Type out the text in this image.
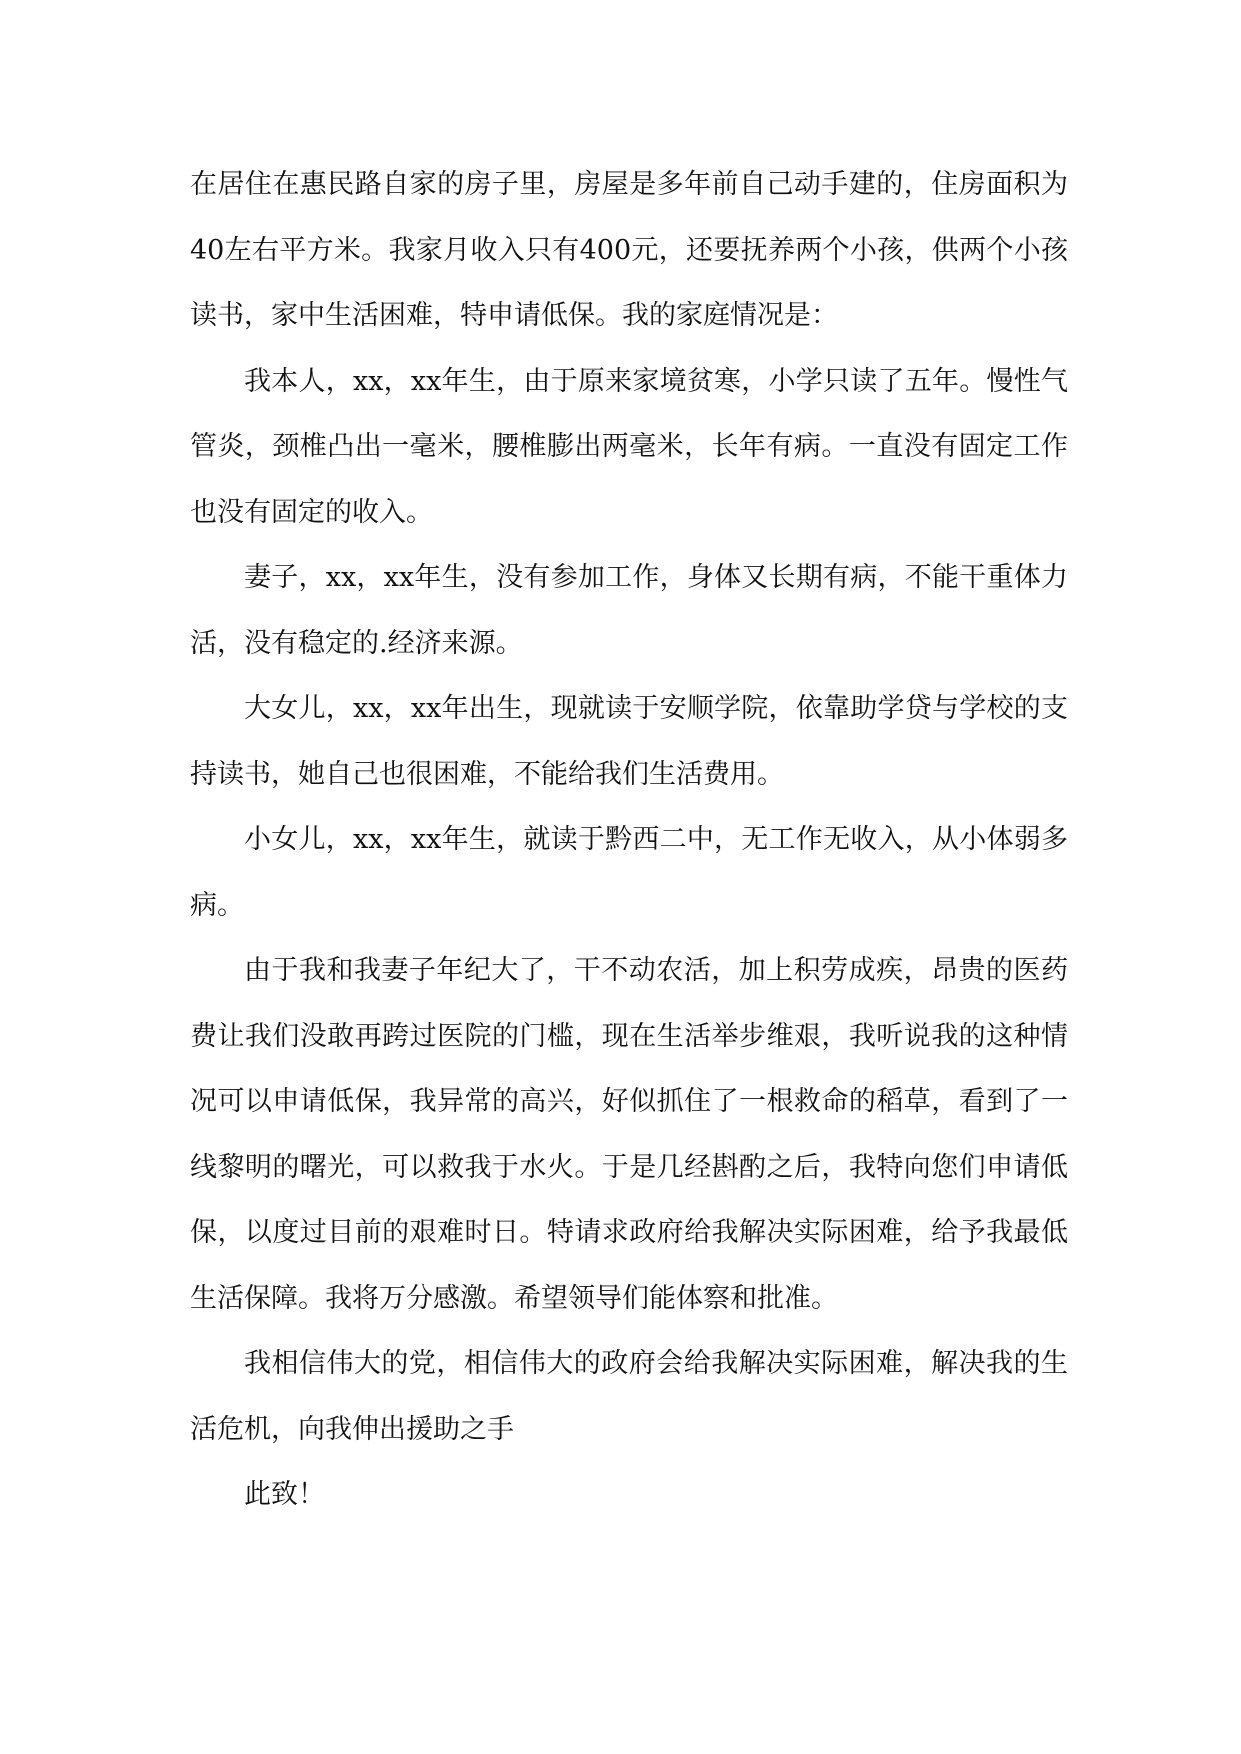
在居住在惠民路自家的房子里，房屋是多年前自己动手建的，住房面积为40左右平方米。我家月收入只有400元，还要抚养两个小孩，供两个小孩读书，家中生活困难，特申请低保。我的家庭情况是：

我本人，xx，xx年生，由于原来家境贫寒，小学只读了五年。慢性气管炎，颈椎凸出一毫米，腰椎膨出两毫米，长年有病。一直没有固定工作也没有固定的收入。

妻子，xx，xx年生，没有参加工作，身体又长期有病，不能干重体力活，没有稳定的.经济来源。

大女儿，xx，xx年出生，现就读于安顺学院，依靠助学贷与学校的支持读书，她自己也很困难，不能给我们生活费用。

小女儿，xx，xx年生，就读于黔西二中，无工作无收入，从小体弱多病。

由于我和我妻子年纪大了，干不动农活，加上积劳成疾，昂贵的医药费让我们没敢再跨过医院的门槛，现在生活举步维艰，我听说我的这种情况可以申请低保，我异常的高兴，好似抓住了一根救命的稻草，看到了一线黎明的曙光，可以救我于水火。于是几经斟酌之后，我特向您们申请低保，以度过目前的艰难时日。特请求政府给我解决实际困难，给予我最低生活保障。我将万分感激。希望领导们能体察和批准。

我相信伟大的党，相信伟大的政府会给我解决实际困难，解决我的生活危机，向我伸出援助之手

此致！
